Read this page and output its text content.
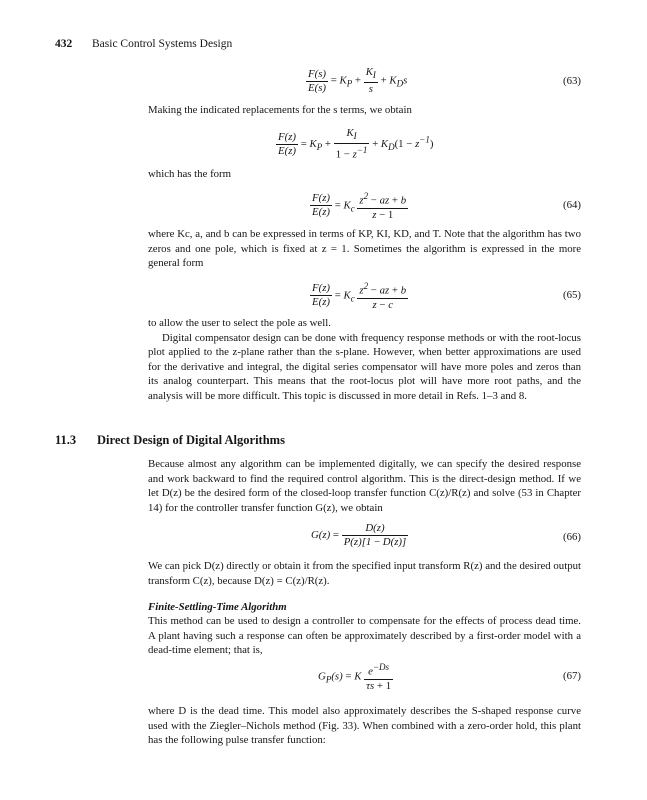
432 Basic Control Systems Design
$\frac{F(s)}{E(s)} = K_P + \frac{K_I}{s} + K_Ds$	(63)

Making the indicated replacements for the s terms, we obtain

$\frac{F(z)}{E(z)} = K_P + \frac{K_I}{1 - z^{-1}} + K_D(1 - z^{-1})$

which has the form

$\frac{F(z)}{E(z)} = K_c \frac{z^2 - az + b}{z - 1}$	(64)

where Kc, a, and b can be expressed in terms of KP, KI, KD, and T. Note that the algorithm has two zeros and one pole, which is fixed at z = 1. Sometimes the algorithm is expressed in the more general form

$\frac{F(z)}{E(z)} = K_c \frac{z^2 - az + b}{z - c}$	(65)
to allow the user to select the pole as well.
Digital compensator design can be done with frequency response methods or with the root-locus plot applied to the z-plane rather than the s-plane. However, when better approximations are used for the derivative and integral, the digital series compensator will have more poles and zeros than its analog counterpart. This means that the root-locus plot will have more root paths, and the analysis will be more difficult. This topic is discussed in more detail in Refs. 1–3 and 8.
11.3 Direct Design of Digital Algorithms

Because almost any algorithm can be implemented digitally, we can specify the desired response and work backward to find the required control algorithm. This is the direct-design method. If we let D(z) be the desired form of the closed-loop transfer function C(z)/R(z) and solve (53 in Chapter 14) for the controller transfer function G(z), we obtain

$G(z) = \frac{D(z)}{P(z)[1 - D(z)]}$	(66)

We can pick D(z) directly or obtain it from the specified input transform R(z) and the desired output transform C(z), because D(z) = C(z)/R(z).

Finite-Settling-Time Algorithm

This method can be used to design a controller to compensate for the effects of process dead time. A plant having such a response can often be approximately described by a first-order model with a dead-time element; that is,

$G_P(s) = K \frac{e^{-Ds}}{\tau s + 1}$	(67)

where D is the dead time. This model also approximately describes the S-shaped response curve used with the Ziegler–Nichols method (Fig. 33). When combined with a zero-order hold, this plant has the following pulse transfer function:
